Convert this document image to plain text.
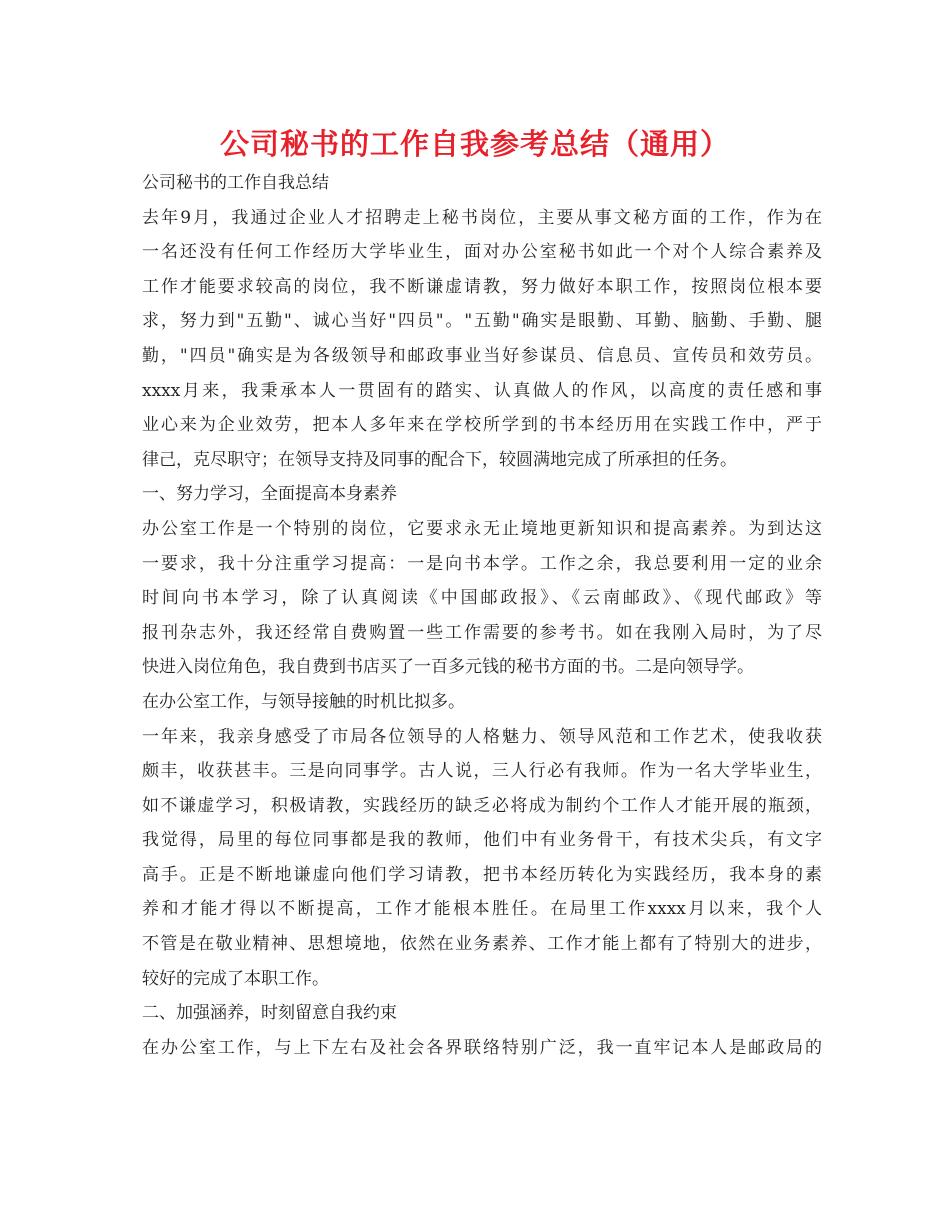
公司秘书的工作自我参考总结（通用）
公司秘书的工作自我总结
去年9月，我通过企业人才招聘走上秘书岗位，主要从事文秘方面的工作，作为在
一名还没有任何工作经历大学毕业生，面对办公室秘书如此一个对个人综合素养及
工作才能要求较高的岗位，我不断谦虚请教，努力做好本职工作，按照岗位根本要
求，努力到"五勤"、诚心当好"四员"。"五勤"确实是眼勤、耳勤、脑勤、手勤、腿
勤，"四员"确实是为各级领导和邮政事业当好参谋员、信息员、宣传员和效劳员。
xxxx月来，我秉承本人一贯固有的踏实、认真做人的作风，以高度的责任感和事
业心来为企业效劳，把本人多年来在学校所学到的书本经历用在实践工作中，严于
律己，克尽职守；在领导支持及同事的配合下，较圆满地完成了所承担的任务。
一、努力学习，全面提高本身素养
办公室工作是一个特别的岗位，它要求永无止境地更新知识和提高素养。为到达这
一要求，我十分注重学习提高：一是向书本学。工作之余，我总要利用一定的业余
时间向书本学习，除了认真阅读《中国邮政报》、《云南邮政》、《现代邮政》等
报刊杂志外，我还经常自费购置一些工作需要的参考书。如在我刚入局时，为了尽
快进入岗位角色，我自费到书店买了一百多元钱的秘书方面的书。二是向领导学。
在办公室工作，与领导接触的时机比拟多。
一年来，我亲身感受了市局各位领导的人格魅力、领导风范和工作艺术，使我收获
颇丰，收获甚丰。三是向同事学。古人说，三人行必有我师。作为一名大学毕业生，
如不谦虚学习，积极请教，实践经历的缺乏必将成为制约个工作人才能开展的瓶颈，
我觉得，局里的每位同事都是我的教师，他们中有业务骨干，有技术尖兵，有文字
高手。正是不断地谦虚向他们学习请教，把书本经历转化为实践经历，我本身的素
养和才能才得以不断提高，工作才能根本胜任。在局里工作xxxx月以来，我个人
不管是在敬业精神、思想境地，依然在业务素养、工作才能上都有了特别大的进步，
较好的完成了本职工作。
二、加强涵养，时刻留意自我约束
在办公室工作，与上下左右及社会各界联络特别广泛，我一直牢记本人是邮政局的
